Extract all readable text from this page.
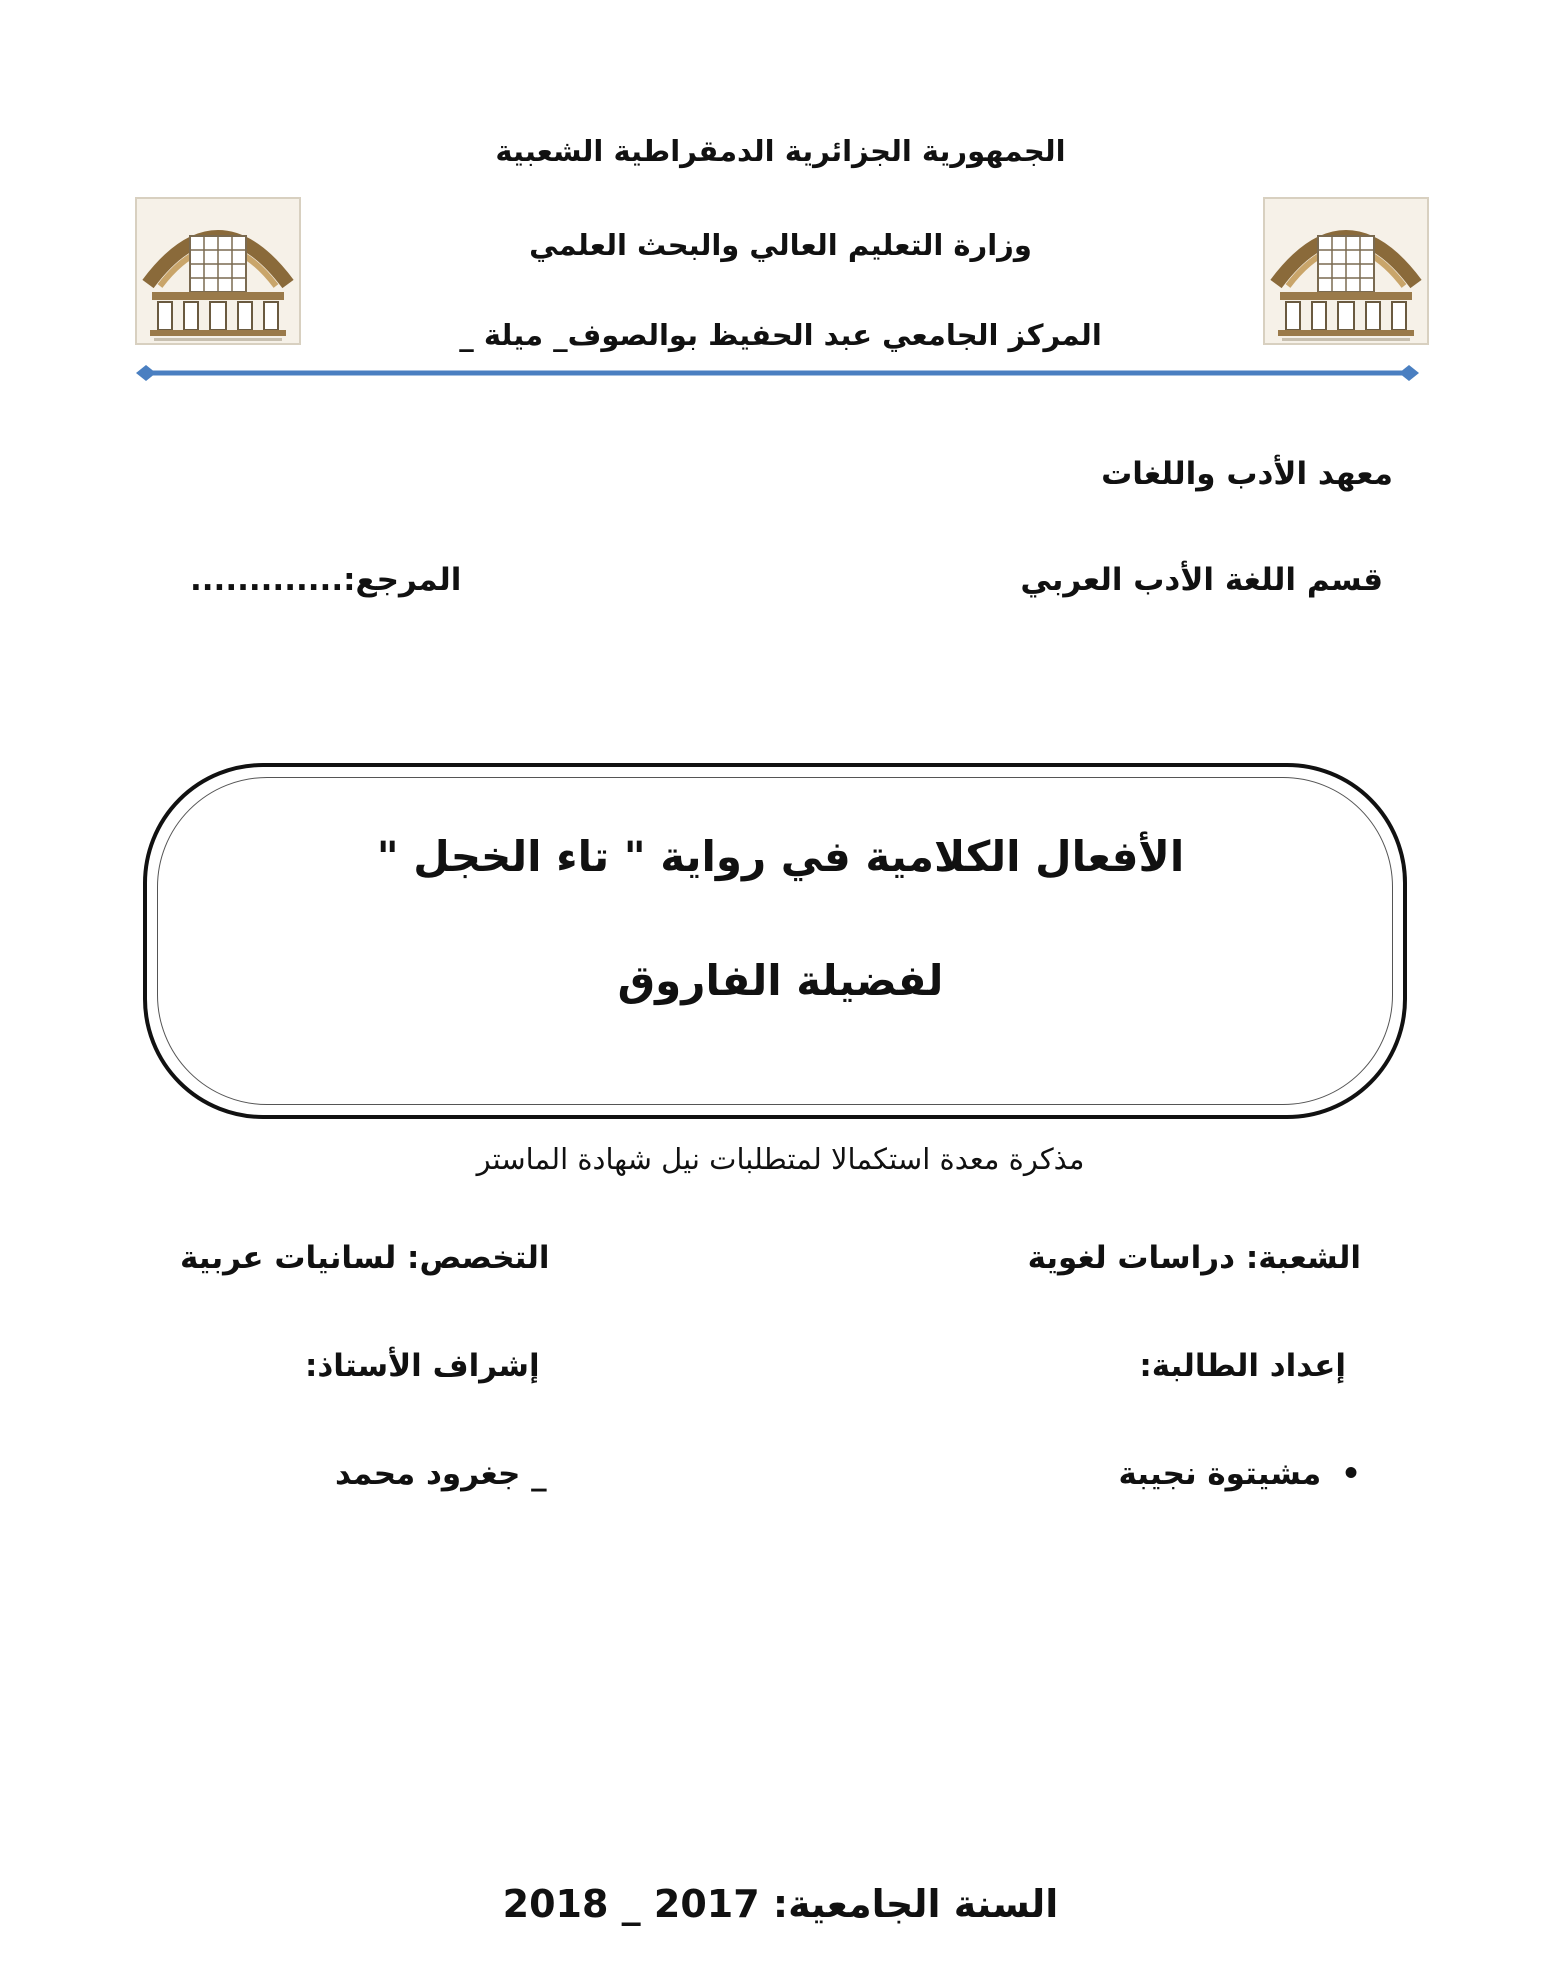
الجمهورية الجزائرية الدمقراطية الشعبية
وزارة التعليم العالي والبحث العلمي
المركز الجامعي عبد الحفيظ بوالصوف_ ميلة _
معهد الأدب واللغات
قسم اللغة الأدب العربي
المرجع:.............
الأفعال الكلامية في رواية " تاء الخجل "
لفضيلة الفاروق
مذكرة معدة استكمالا لمتطلبات نيل شهادة الماستر
الشعبة: دراسات لغوية
التخصص: لسانيات عربية
إعداد الطالبة:
إشراف الأستاذ:
•مشيتوة نجيبة
_ جغرود محمد
السنة الجامعية: 2017 _ 2018
